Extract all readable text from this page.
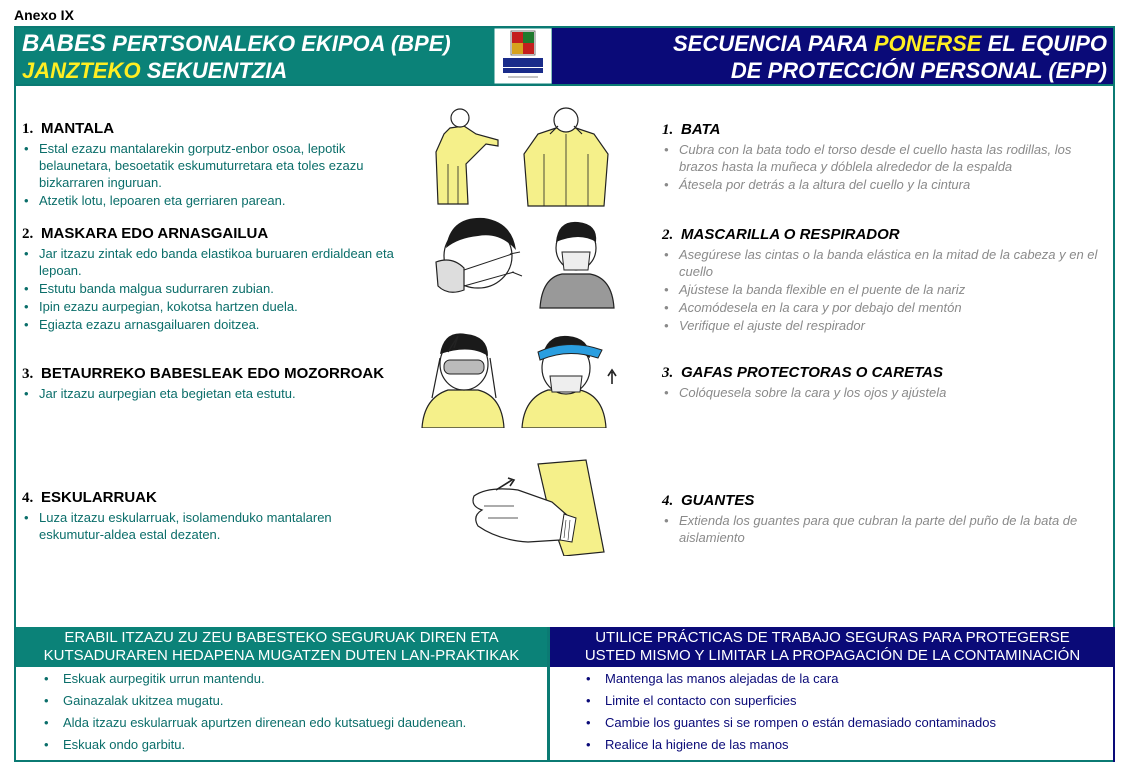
Anexo IX
BABES PERTSONALEKO EKIPOA (BPE)
JANZTEKO SEKUENTZIA
SECUENCIA PARA PONERSE EL EQUIPO
DE PROTECCIÓN PERSONAL (EPP)
1. MANTALA
• Estal ezazu mantalarekin gorputz-enbor osoa, lepotik belaunetara, besoetatik eskumuturretara eta toles ezazu bizkarraren inguruan.
• Atzetik lotu, lepoaren eta gerriaren parean.
2. MASKARA EDO ARNASGAILUA
• Jar itzazu zintak edo banda elastikoa buruaren erdialdean eta lepoan.
• Estutu banda malgua sudurraren zubian.
• Ipin ezazu aurpegian, kokotsa hartzen duela.
• Egiazta ezazu arnasgailuaren doitzea.
3. BETAURREKO BABESLEAK EDO MOZORROAK
• Jar itzazu aurpegian eta begietan eta estutu.
4. ESKULARRUAK
• Luza itzazu eskularruak, isolamenduko mantalaren eskumutur-aldea estal dezaten.
1. BATA
• Cubra con la bata todo el torso desde el cuello hasta las rodillas, los brazos hasta la muñeca y dóblela alrededor de la espalda
• Átesela por detrás a la altura del cuello y la cintura
2. MASCARILLA O RESPIRADOR
• Asegúrese las cintas o la banda elástica en la mitad de la cabeza y en el cuello
• Ajústese la banda flexible en el puente de la nariz
• Acomódesela en la cara y por debajo del mentón
• Verifique el ajuste del respirador
3. GAFAS PROTECTORAS O CARETAS
• Colóquesela sobre la cara y los ojos y ajústela
4. GUANTES
• Extienda los guantes para que cubran la parte del puño de la bata de aislamiento
ERABIL ITZAZU ZU ZEU BABESTEKO SEGURUAK DIREN ETA
KUTSADURAREN HEDAPENA MUGATZEN DUTEN LAN-PRAKTIKAK
UTILICE PRÁCTICAS DE TRABAJO SEGURAS PARA PROTEGERSE
USTED MISMO Y LIMITAR LA PROPAGACIÓN DE LA CONTAMINACIÓN
• Eskuak aurpegitik urrun mantendu.
• Gainazalak ukitzea mugatu.
• Alda itzazu eskularruak apurtzen direnean edo kutsatuegi daudenean.
• Eskuak ondo garbitu.
• Mantenga las manos alejadas de la cara
• Limite el contacto con superficies
• Cambie los guantes si se rompen o están demasiado contaminados
• Realice la higiene de las manos
